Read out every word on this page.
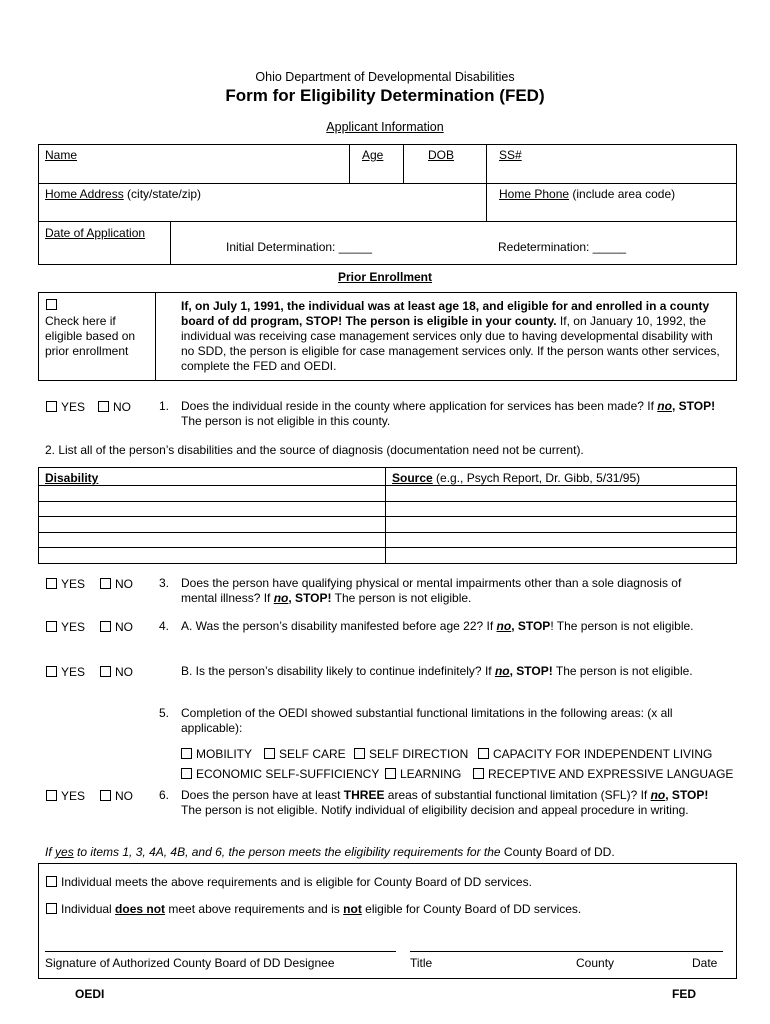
Ohio Department of Developmental Disabilities
Form for Eligibility Determination (FED)
Applicant Information
Name	Age	DOB	SS#
Home Address (city/state/zip)	Home Phone (include area code)
Date of Application
Initial Determination: _____	Redetermination: _____
Prior Enrollment
Check here if eligible based on prior enrollment
If, on July 1, 1991, the individual was at least age 18, and eligible for and enrolled in a county board of dd program, STOP! The person is eligible in your county. If, on January 10, 1992, the individual was receiving case management services only due to having developmental disability with no SDD, the person is eligible for case management services only. If the person wants other services, complete the FED and OEDI.
YES	NO 1. Does the individual reside in the county where application for services has been made? If no, STOP! The person is not eligible in this county.
2. List all of the person’s disabilities and the source of diagnosis (documentation need not be current).
Disability	Source (e.g., Psych Report, Dr. Gibb, 5/31/95)
YES	NO 3. Does the person have qualifying physical or mental impairments other than a sole diagnosis of mental illness? If no, STOP! The person is not eligible.
YES	NO 4. A. Was the person’s disability manifested before age 22? If no, STOP! The person is not eligible.
YES	NO	B. Is the person’s disability likely to continue indefinitely? If no, STOP! The person is not eligible.
5. Completion of the OEDI showed substantial functional limitations in the following areas: (x all applicable):
MOBILITY	SELF CARE	SELF DIRECTION	CAPACITY FOR INDEPENDENT LIVING
ECONOMIC SELF-SUFFICIENCY	LEARNING	RECEPTIVE AND EXPRESSIVE LANGUAGE
YES	NO 6. Does the person have at least THREE areas of substantial functional limitation (SFL)? If no, STOP! The person is not eligible. Notify individual of eligibility decision and appeal procedure in writing.
If yes to items 1, 3, 4A, 4B, and 6, the person meets the eligibility requirements for the County Board of DD.
Individual meets the above requirements and is eligible for County Board of DD services.
Individual does not meet above requirements and is not eligible for County Board of DD services.
Signature of Authorized County Board of DD Designee	Title	County	Date
OEDI	FED
